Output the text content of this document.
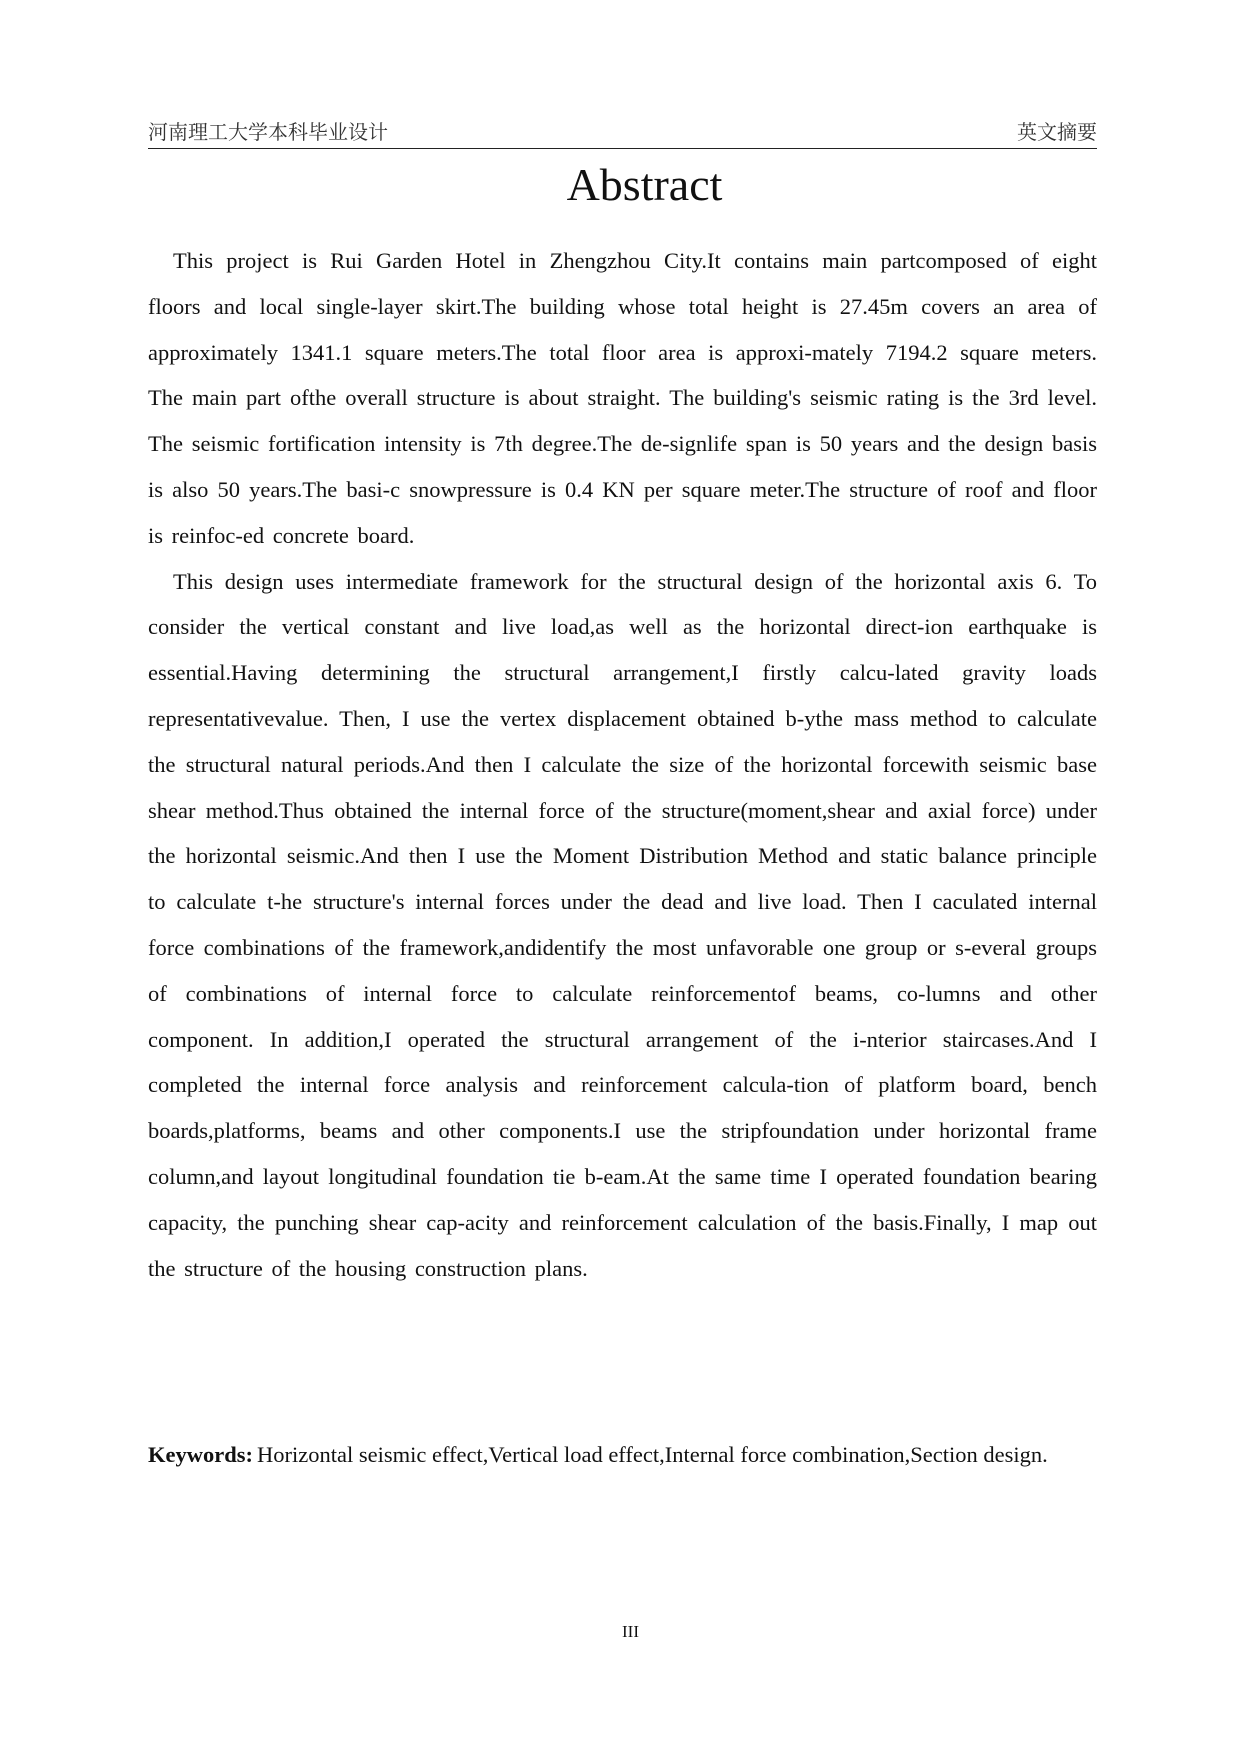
河南理工大学本科毕业设计	英文摘要
Abstract

This project is Rui Garden Hotel in Zhengzhou City.It contains main partcomposed of eight floors and local single-layer skirt.The building whose total height is 27.45m covers an area of approximately 1341.1 square meters.The total floor area is approxi-mately 7194.2 square meters. The main part ofthe overall structure is about straight. The building's seismic rating is the 3rd level. The seismic fortification intensity is 7th degree.The de-signlife span is 50 years and the design basis is also 50 years.The basi-c snowpressure is 0.4 KN per square meter.The structure of roof and floor is reinfoc-ed concrete board.

This design uses intermediate framework for the structural design of the horizontal axis 6. To consider the vertical constant and live load,as well as the horizontal direct-ion earthquake is essential.Having determining the structural arrangement,I firstly calcu-lated gravity loads representativevalue. Then, I use the vertex displacement obtained b-ythe mass method to calculate the structural natural periods.And then I calculate the size of the horizontal forcewith seismic base shear method.Thus obtained the internal force of the structure(moment,shear and axial force) under the horizontal seismic.And then I use the Moment Distribution Method and static balance principle to calculate t-he structure's internal forces under the dead and live load. Then I caculated internal force combinations of the framework,andidentify the most unfavorable one group or s-everal groups of combinations of internal force to calculate reinforcementof beams, co-lumns and other component. In addition,I operated the structural arrangement of the i-nterior staircases.And I completed the internal force analysis and reinforcement calcula-tion of platform board, bench boards,platforms, beams and other components.I use the stripfoundation under horizontal frame column,and layout longitudinal foundation tie b-eam.At the same time I operated foundation bearing capacity, the punching shear cap-acity and reinforcement calculation of the basis.Finally, I map out the structure of the housing construction plans.

Keywords: Horizontal seismic effect,Vertical load effect,Internal force combination,Section design.
III
